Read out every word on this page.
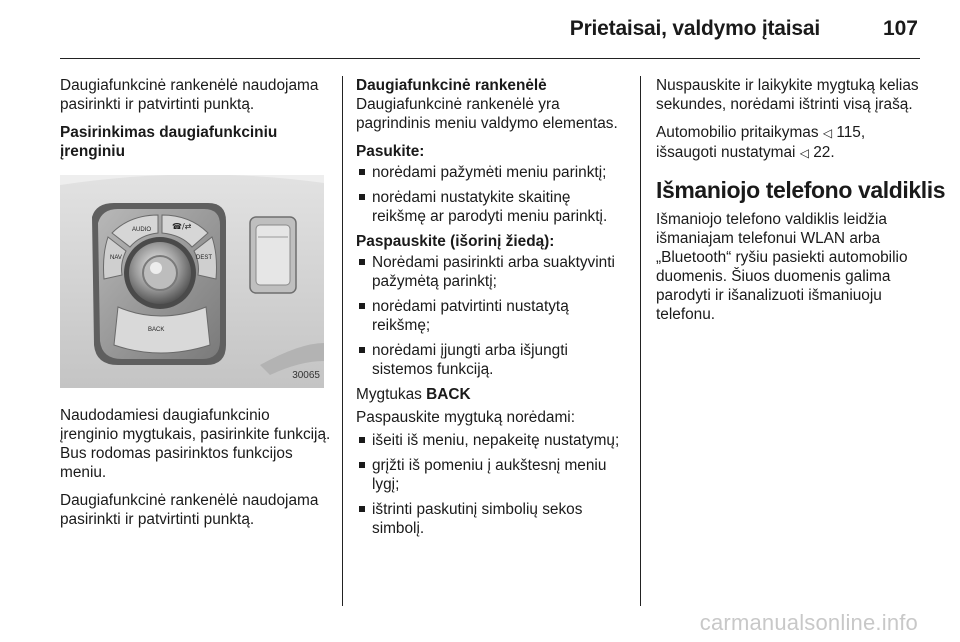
Prietaisai, valdymo įtaisai	107

Daugiafunkcinė rankenėlė naudojama pasirinkti ir patvirtinti punktą.

Pasirinkimas daugiafunkciniu įrenginiu

AUDIO	☎/⇄
NAV	DEST
BACK
30065

Naudodamiesi daugiafunkcinio įrenginio mygtukais, pasirinkite funkciją. Bus rodomas pasirinktos funkcijos meniu.

Daugiafunkcinė rankenėlė naudojama pasirinkti ir patvirtinti punktą.

Daugiafunkcinė rankenėlė

Daugiafunkcinė rankenėlė yra pagrindinis meniu valdymo elementas.

Pasukite:
norėdami pažymėti meniu parinktį;
norėdami nustatykite skaitinę reikšmę ar parodyti meniu parinktį.
Paspauskite (išorinį žiedą):
Norėdami pasirinkti arba suaktyvinti pažymėtą parinktį;
norėdami patvirtinti nustatytą reikšmę;
norėdami įjungti arba išjungti sistemos funkciją.

Mygtukas BACK

Paspauskite mygtuką norėdami:
išeiti iš meniu, nepakeitę nustatymų;
grįžti iš pomeniu į aukštesnį meniu lygį;
ištrinti paskutinį simbolių sekos simbolį.

Nuspauskite ir laikykite mygtuką kelias sekundes, norėdami ištrinti visą įrašą.

Automobilio pritaikymas ◁ 115,
išsaugoti nustatymai ◁ 22.

Išmaniojo telefono valdiklis

Išmaniojo telefono valdiklis leidžia išmaniajam telefonui WLAN arba „Bluetooth“ ryšiu pasiekti automobilio duomenis. Šiuos duomenis galima parodyti ir išanalizuoti išmaniuoju telefonu.

carmanualsonline.info
